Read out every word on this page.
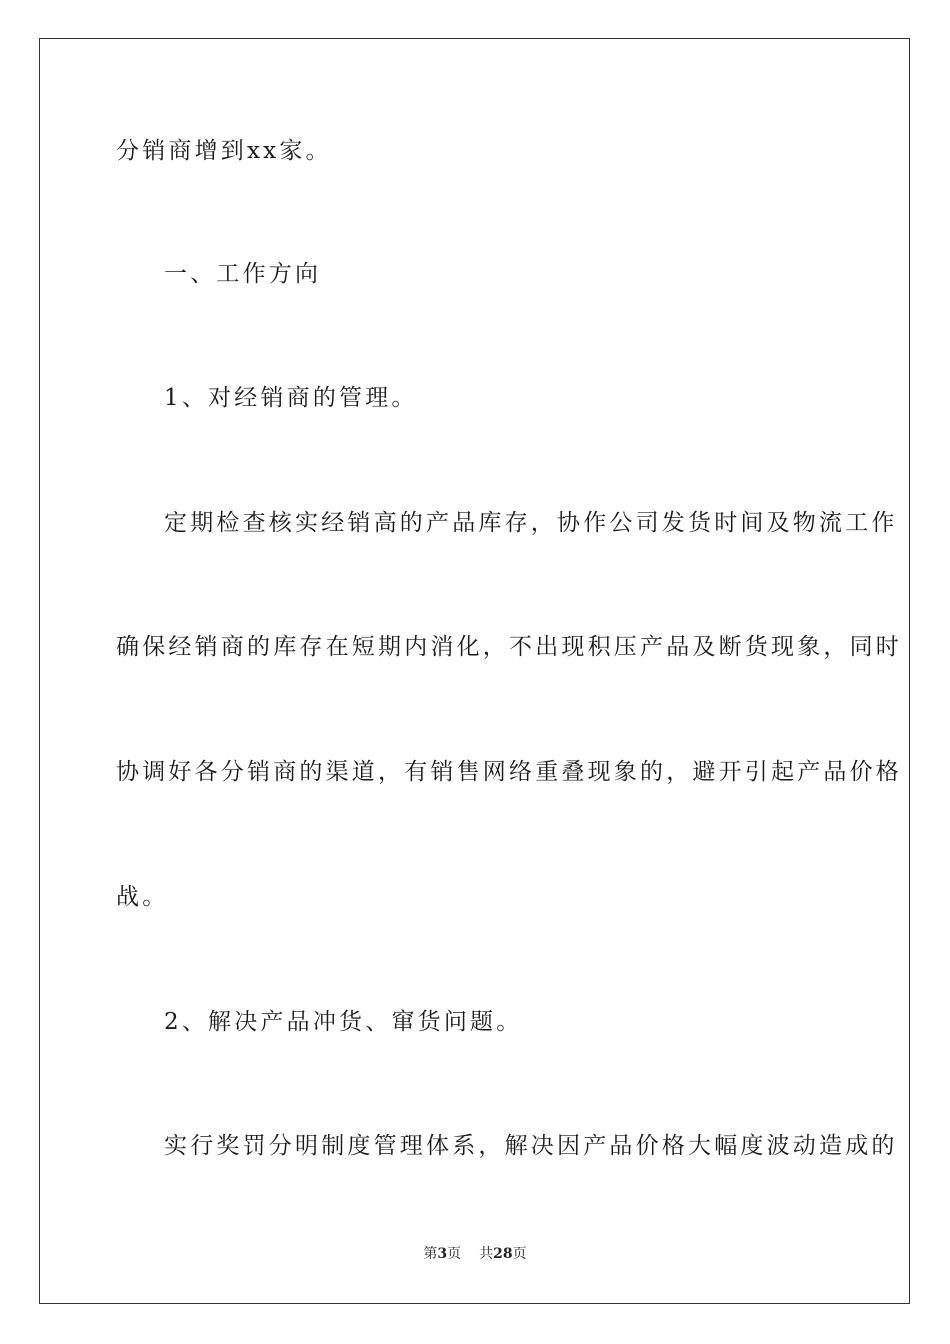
分销商增到xx家。
一、工作方向
1、对经销商的管理。
定期检查核实经销高的产品库存，协作公司发货时间及物流工作
确保经销商的库存在短期内消化，不出现积压产品及断货现象，同时
协调好各分销商的渠道，有销售网络重叠现象的，避开引起产品价格
战。
2、解决产品冲货、窜货问题。
实行奖罚分明制度管理体系，解决因产品价格大幅度波动造成的
第3页 共28页
